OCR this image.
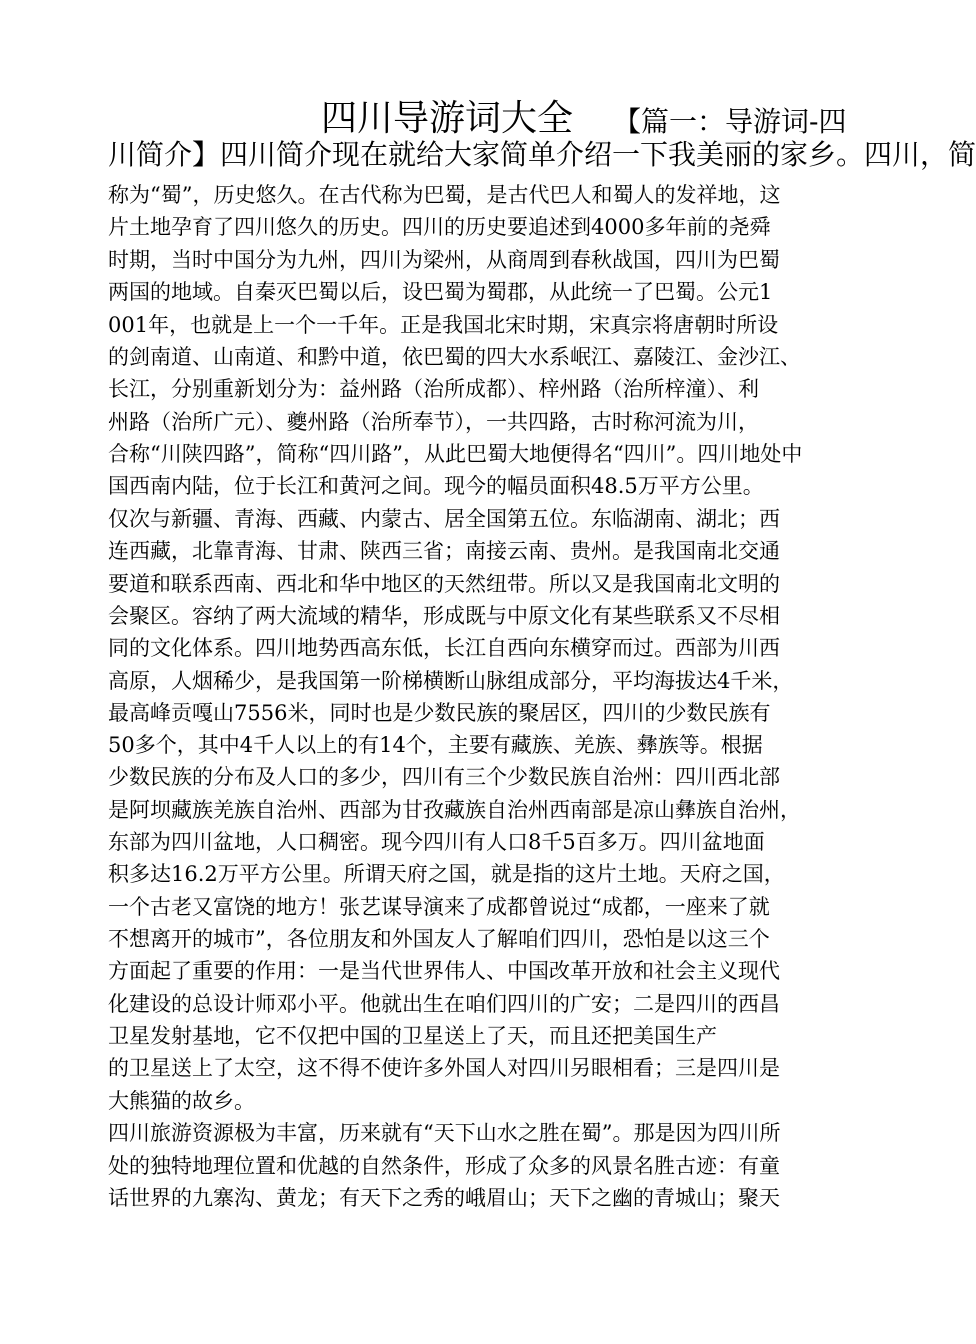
四川导游词大全 【篇一：导游词-四
川简介】四川简介现在就给大家简单介绍一下我美丽的家乡。四川，简
称为“蜀”，历史悠久。在古代称为巴蜀，是古代巴人和蜀人的发祥地，这
片土地孕育了四川悠久的历史。四川的历史要追述到4000多年前的尧舜
时期，当时中国分为九州，四川为梁州，从商周到春秋战国，四川为巴蜀
两国的地域。自秦灭巴蜀以后，设巴蜀为蜀郡，从此统一了巴蜀。公元1
001年，也就是上一个一千年。正是我国北宋时期，宋真宗将唐朝时所设
的剑南道、山南道、和黔中道，依巴蜀的四大水系岷江、嘉陵江、金沙江、
长江，分别重新划分为：益州路（治所成都）、梓州路（治所梓潼）、利
州路（治所广元）、夔州路（治所奉节），一共四路，古时称河流为川，
合称“川陕四路”，简称“四川路”，从此巴蜀大地便得名“四川”。四川地处中
国西南内陆，位于长江和黄河之间。现今的幅员面积48.5万平方公里。
仅次与新疆、青海、西藏、内蒙古、居全国第五位。东临湖南、湖北；西
连西藏，北靠青海、甘肃、陕西三省；南接云南、贵州。是我国南北交通
要道和联系西南、西北和华中地区的天然纽带。所以又是我国南北文明的
会聚区。容纳了两大流域的精华，形成既与中原文化有某些联系又不尽相
同的文化体系。四川地势西高东低，长江自西向东横穿而过。西部为川西
高原，人烟稀少，是我国第一阶梯横断山脉组成部分，平均海拔达4千米，
最高峰贡嘎山7556米，同时也是少数民族的聚居区，四川的少数民族有
50多个，其中4千人以上的有14个，主要有藏族、羌族、彝族等。根据
少数民族的分布及人口的多少，四川有三个少数民族自治州：四川西北部
是阿坝藏族羌族自治州、西部为甘孜藏族自治州西南部是凉山彝族自治州，
东部为四川盆地，人口稠密。现今四川有人口8千5百多万。四川盆地面
积多达16.2万平方公里。所谓天府之国，就是指的这片土地。天府之国，
一个古老又富饶的地方！张艺谋导演来了成都曾说过“成都，一座来了就
不想离开的城市”，各位朋友和外国友人了解咱们四川，恐怕是以这三个
方面起了重要的作用：一是当代世界伟人、中国改革开放和社会主义现代
化建设的总设计师邓小平。他就出生在咱们四川的广安；二是四川的西昌
卫星发射基地，它不仅把中国的卫星送上了天，而且还把美国生产
的卫星送上了太空，这不得不使许多外国人对四川另眼相看；三是四川是
大熊猫的故乡。
四川旅游资源极为丰富，历来就有“天下山水之胜在蜀”。那是因为四川所
处的独特地理位置和优越的自然条件，形成了众多的风景名胜古迹：有童
话世界的九寨沟、黄龙；有天下之秀的峨眉山；天下之幽的青城山；聚天
